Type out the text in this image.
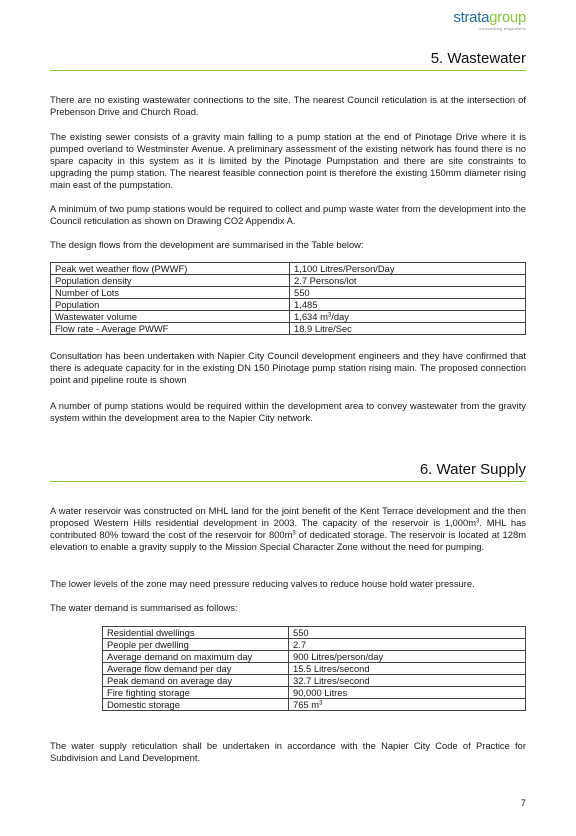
stratagroup
consulting engineers
5. Wastewater

There are no existing wastewater connections to the site. The nearest Council reticulation is at the intersection of Prebenson Drive and Church Road.

The existing sewer consists of a gravity main falling to a pump station at the end of Pinotage Drive where it is pumped overland to Westminster Avenue. A preliminary assessment of the existing network has found there is no spare capacity in this system as it is limited by the Pinotage Pumpstation and there are site constraints to upgrading the pump station. The nearest feasible connection point is therefore the existing 150mm diameter rising main east of the pumpstation.

A minimum of two pump stations would be required to collect and pump waste water from the development into the Council reticulation as shown on Drawing CO2 Appendix A.

The design flows from the development are summarised in the Table below:

Peak wet weather flow (PWWF)	1,100 Litres/Person/Day
Population density	2.7 Persons/lot
Number of Lots	550
Population	1,485
Wastewater volume	1,634 $m^3$/day
Flow rate - Average PWWF	18.9 Litre/Sec

Consultation has been undertaken with Napier City Council development engineers and they have confirmed that there is adequate capacity for in the existing DN 150 Pinotage pump station rising main. The proposed connection point and pipeline route is shown

A number of pump stations would be required within the development area to convey wastewater from the gravity system within the development area to the Napier City network.

6. Water Supply

A water reservoir was constructed on MHL land for the joint benefit of the Kent Terrace development and the then proposed Western Hills residential development in 2003. The capacity of the reservoir is $1,000m^3$. MHL has contributed 80% toward the cost of the reservoir for $800m^3$ of dedicated storage. The reservoir is located at 128m elevation to enable a gravity supply to the Mission Special Character Zone without the need for pumping.

The lower levels of the zone may need pressure reducing valves to reduce house hold water pressure.

The water demand is summarised as follows:

Residential dwellings	550
People per dwelling	2.7
Average demand on maximum day	900 Litres/person/day
Average flow demand per day	15.5 Litres/second
Peak demand on average day	32.7 Litres/second
Fire fighting storage	90,000 Litres
Domestic storage	765 $m^3$

The water supply reticulation shall be undertaken in accordance with the Napier City Code of Practice for Subdivision and Land Development.

7
